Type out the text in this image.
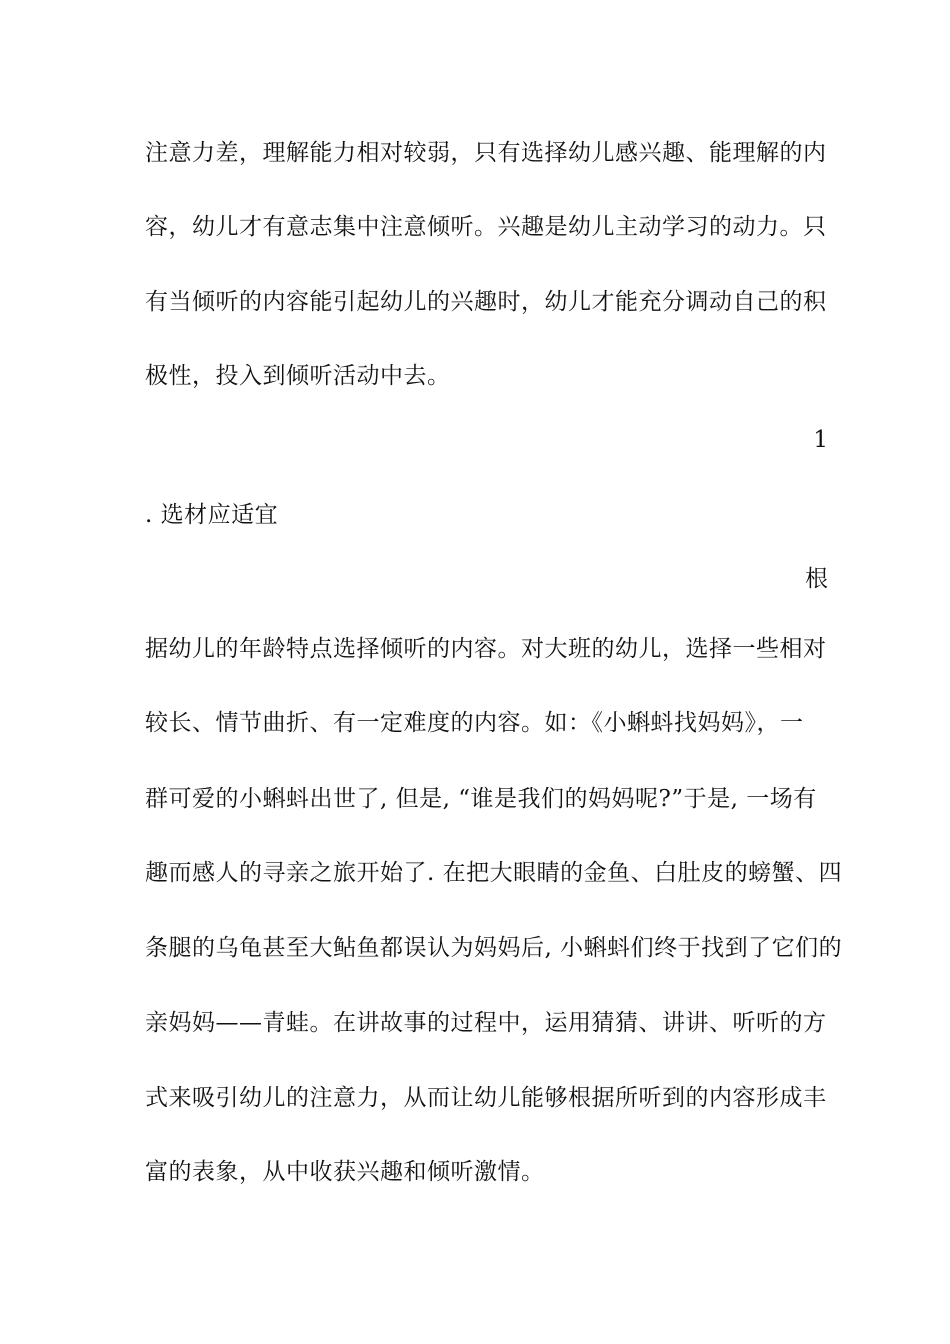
注意力差，理解能力相对较弱，只有选择幼儿感兴趣、能理解的内
容，幼儿才有意志集中注意倾听。兴趣是幼儿主动学习的动力。只
有当倾听的内容能引起幼儿的兴趣时，幼儿才能充分调动自己的积
极性，投入到倾听活动中去。
1
. 选材应适宜
根
据幼儿的年龄特点选择倾听的内容。对大班的幼儿，选择一些相对
较长、情节曲折、有一定难度的内容。如：《小蝌蚪找妈妈》，一
群可爱的小蝌蚪出世了, 但是, “谁是我们的妈妈呢?”于是, 一场有
趣而感人的寻亲之旅开始了. 在把大眼睛的金鱼、白肚皮的螃蟹、四
条腿的乌龟甚至大鲇鱼都误认为妈妈后, 小蝌蚪们终于找到了它们的
亲妈妈——青蛙。在讲故事的过程中，运用猜猜、讲讲、听听的方
式来吸引幼儿的注意力，从而让幼儿能够根据所听到的内容形成丰
富的表象，从中收获兴趣和倾听激情。
